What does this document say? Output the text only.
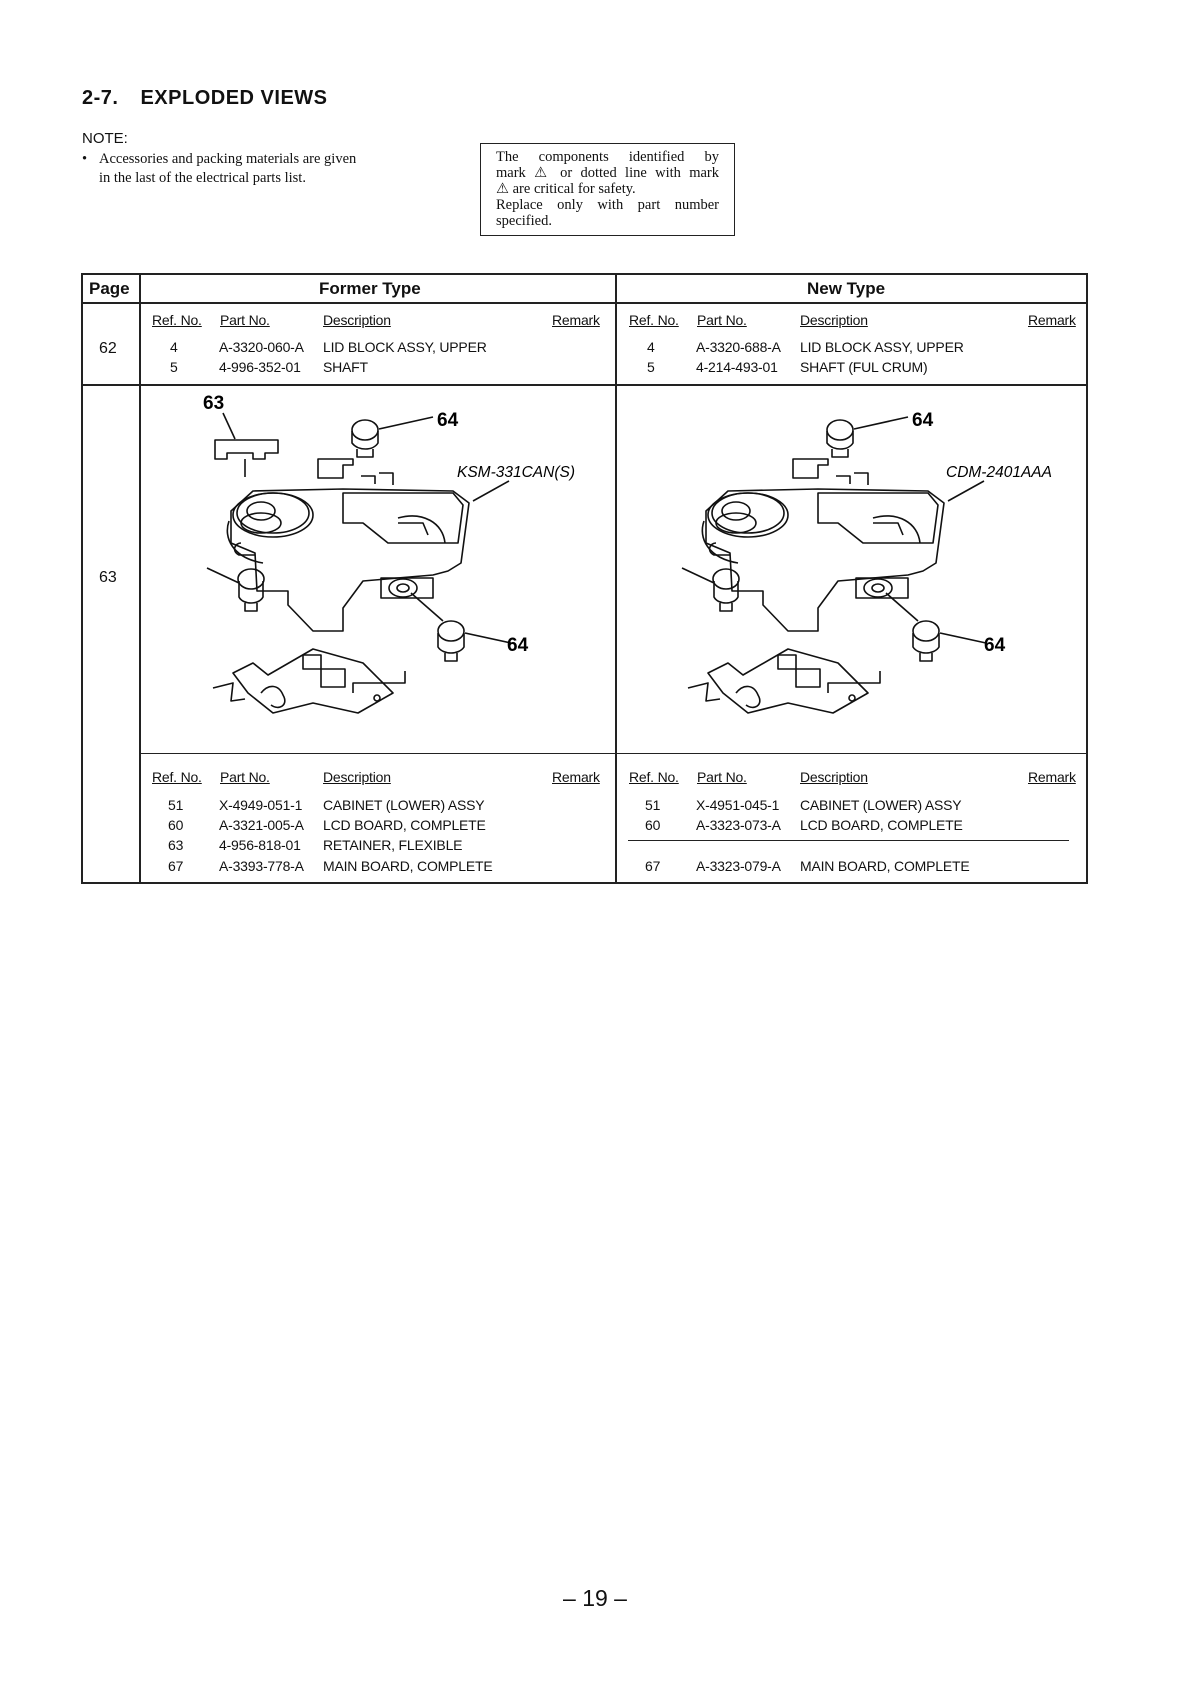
2-7. EXPLODED VIEWS
NOTE:
• Accessories and packing materials are given
in the last of the electrical parts list.
The components identified by
mark ⚠ or dotted line with mark
⚠ are critical for safety.
Replace only with part number
specified.
Page	Former Type	New Type
62
63
Ref. No. Part No.	Description	Remark
4	A-3320-060-A LID BLOCK ASSY, UPPER
5	4-996-352-01 SHAFT
Ref. No. Part No.	Description	Remark
4	A-3320-688-A LID BLOCK ASSY, UPPER
5	4-214-493-01 SHAFT (FUL CRUM)
63
64
64
KSM-331CAN(S)
64
64
CDM-2401AAA
Ref. No. Part No.	Description	Remark
51	X-4949-051-1 CABINET (LOWER) ASSY
60	A-3321-005-A LCD BOARD, COMPLETE
63	4-956-818-01 RETAINER, FLEXIBLE
67	A-3393-778-A MAIN BOARD, COMPLETE
Ref. No. Part No.	Description	Remark
51	X-4951-045-1 CABINET (LOWER) ASSY
60	A-3323-073-A LCD BOARD, COMPLETE
67	A-3323-079-A MAIN BOARD, COMPLETE
– 19 –
